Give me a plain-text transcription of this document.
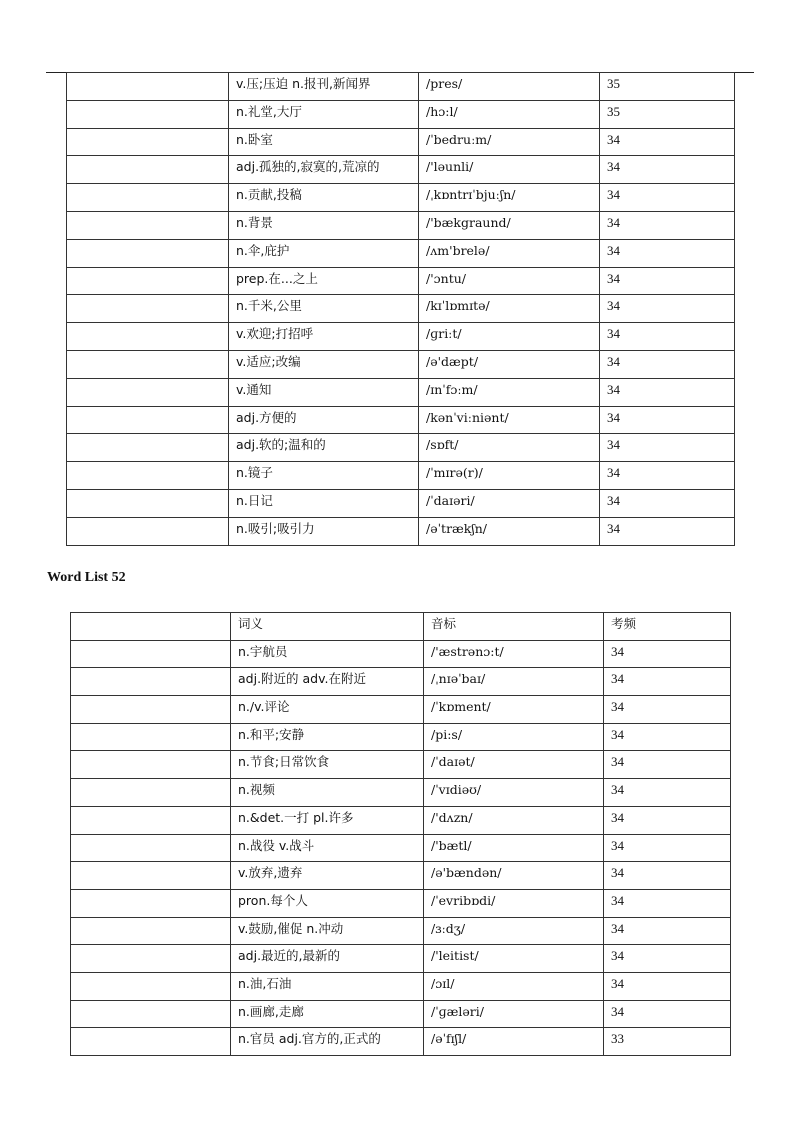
	v.压;压迫 n.报刊,新闻界	/pres/	35
	n.礼堂,大厅	/hɔ:l/	35
	n.卧室	/ˈbedruːm/	34
	adj.孤独的,寂寞的,荒凉的	/'ləunli/	34
	n.贡献,投稿	/ˌkɒntrɪˈbjuːʃn/	34
	n.背景	/'bækgraund/	34
	n.伞,庇护	/ʌm'brelə/	34
	prep.在...之上	/'ɔntu/	34
	n.千米,公里	/kɪˈlɒmɪtə/	34
	v.欢迎;打招呼	/ɡriːt/	34
	v.适应;改编	/ə'dæpt/	34
	v.通知	/ɪnˈfɔːm/	34
	adj.方便的	/kənˈviːniənt/	34
	adj.软的;温和的	/sɒft/	34
	n.镜子	/ˈmɪrə(r)/	34
	n.日记	/ˈdaɪəri/	34
	n.吸引;吸引力	/əˈtrækʃn/	34
Word List 52
	词义	音标	考频
	n.宇航员	/'æstrənɔ:t/	34
	adj.附近的 adv.在附近	/ˌnɪəˈbaɪ/	34
	n./v.评论	/ˈkɒment/	34
	n.和平;安静	/pi:s/	34
	n.节食;日常饮食	/ˈdaɪət/	34
	n.视频	/ˈvɪdiəʊ/	34
	n.&det.一打 pl.许多	/'dʌzn/	34
	n.战役 v.战斗	/'bætl/	34
	v.放弃,遗弃	/ə'bændən/	34
	pron.每个人	/ˈevribɒdi/	34
	v.鼓励,催促 n.冲动	/ɜːdʒ/	34
	adj.最近的,最新的	/'leitist/	34
	n.油,石油	/ɔɪl/	34
	n.画廊,走廊	/ˈɡæləri/	34
	n.官员 adj.官方的,正式的	/əˈfɪʃl/	33
